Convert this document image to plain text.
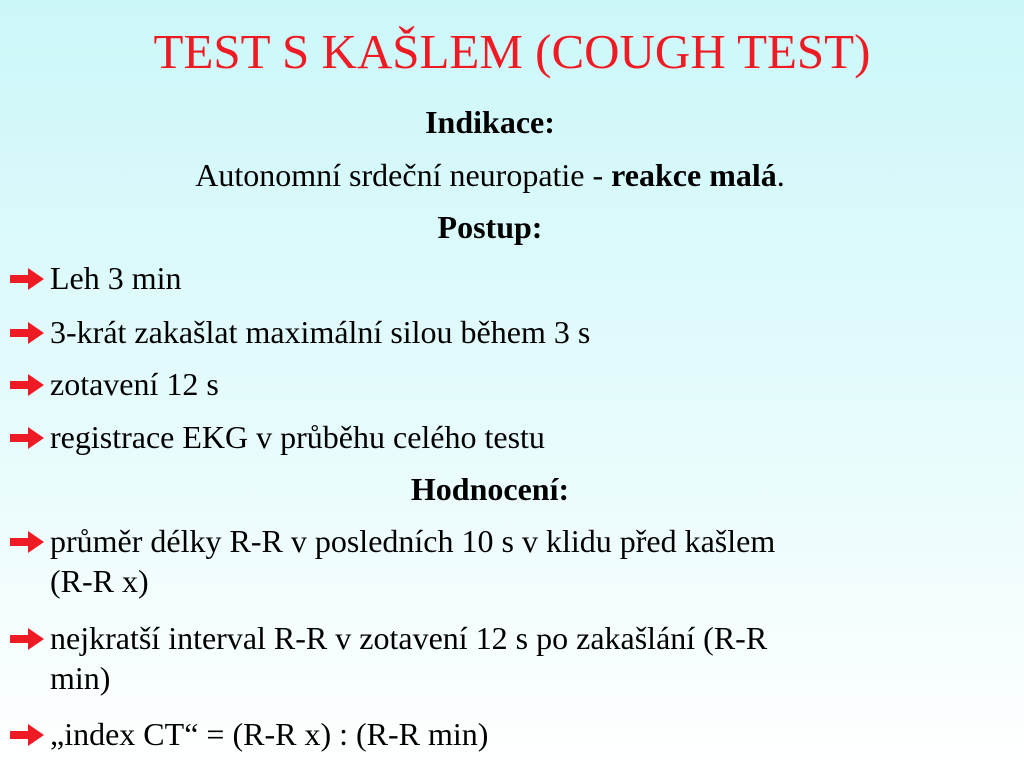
TEST S KAŠLEM (COUGH TEST)
Indikace:
Autonomní srdeční neuropatie - reakce malá.
Postup:
Leh 3 min
3-krát zakašlat maximální silou během 3 s
zotavení 12 s
registrace EKG v průběhu celého testu
Hodnocení:
průměr délky R-R v posledních 10 s v klidu před kašlem
(R-R x)
nejkratší interval R-R v zotavení 12 s po zakašlání (R-R
min)
„index CT“ = (R-R x) : (R-R min)
